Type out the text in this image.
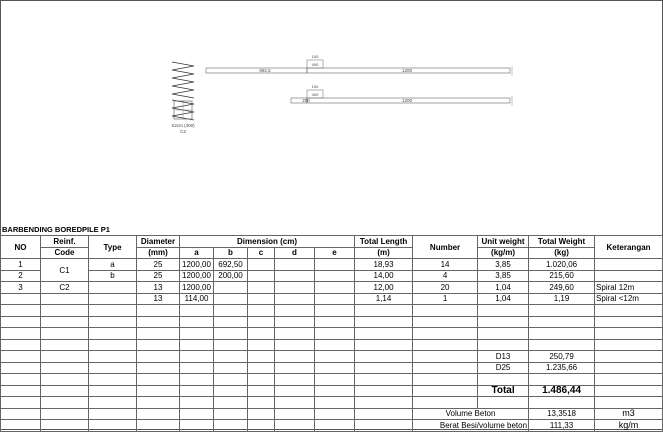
S2cm (400)
C2
692,5	1200
100
400
200	1200
100
400
BARBENDING BOREDPILE P1
NO	Reinf.	Type	Diameter	Dimension (cm)					Total Length	Number	Unit weight	Total Weight	Keterangan
	Code		(mm)	a	b	c	d	e	(m)		(kg/m)	(kg)	
1	C1	a	25	1200,00	692,50				18,93	14	3,85	1.020,06	
2		b	25	1200,00	200,00				14,00	4	3,85	215,60	
3	C2		13	1200,00					12,00	20	1,04	249,60	Spiral 12m
			13	114,00					1,14	1	1,04	1,19	Spiral <12m

											D13	250,79	
											D25	1.235,66	

											Total	1.486,44	

										Volume Beton		13,3518	m3
										Berat Besi/volume beton		111,33	kg/m
